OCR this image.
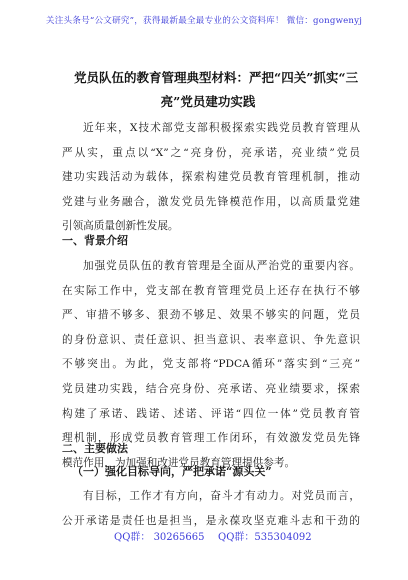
关注头条号“公文研究”，获得最新最全最专业的公文资料库！ 微信：gongwenyj
党员队伍的教育管理典型材料：严把“四关”抓实“三
亮”党员建功实践
近年来，X技术部党支部积极探索实践党员教育管理从
严从实，重点以“X”之“亮身份，亮承诺，亮业绩”党员
建功实践活动为载体，探索构建党员教育管理机制，推动
党建与业务融合，激发党员先锋模范作用，以高质量党建
引领高质量创新性发展。
一、背景介绍
加强党员队伍的教育管理是全面从严治党的重要内容。
在实际工作中，党支部在教育管理党员上还存在执行不够
严、审措不够多、狠劲不够足、效果不够实的问题，党员
的身份意识、责任意识、担当意识、表率意识、争先意识
不够突出。为此，党支部将“PDCA循环”落实到“三亮”
党员建功实践，结合亮身份、亮承诺、亮业绩要求，探索
构建了承诺、践诺、述诺、评诺“四位一体”党员教育管
理机制，形成党员教育管理工作闭环，有效激发党员先锋
模范作用，为加强和改进党员教育管理提供参考。
二、主要做法
（一）强化目标导向，严把承诺“源头关”
有目标，工作才有方向，奋斗才有动力。对党员而言，
公开承诺是责任也是担当，是永葆攻坚克难斗志和干劲的
QQ群： 30265665 QQ群：535304092
